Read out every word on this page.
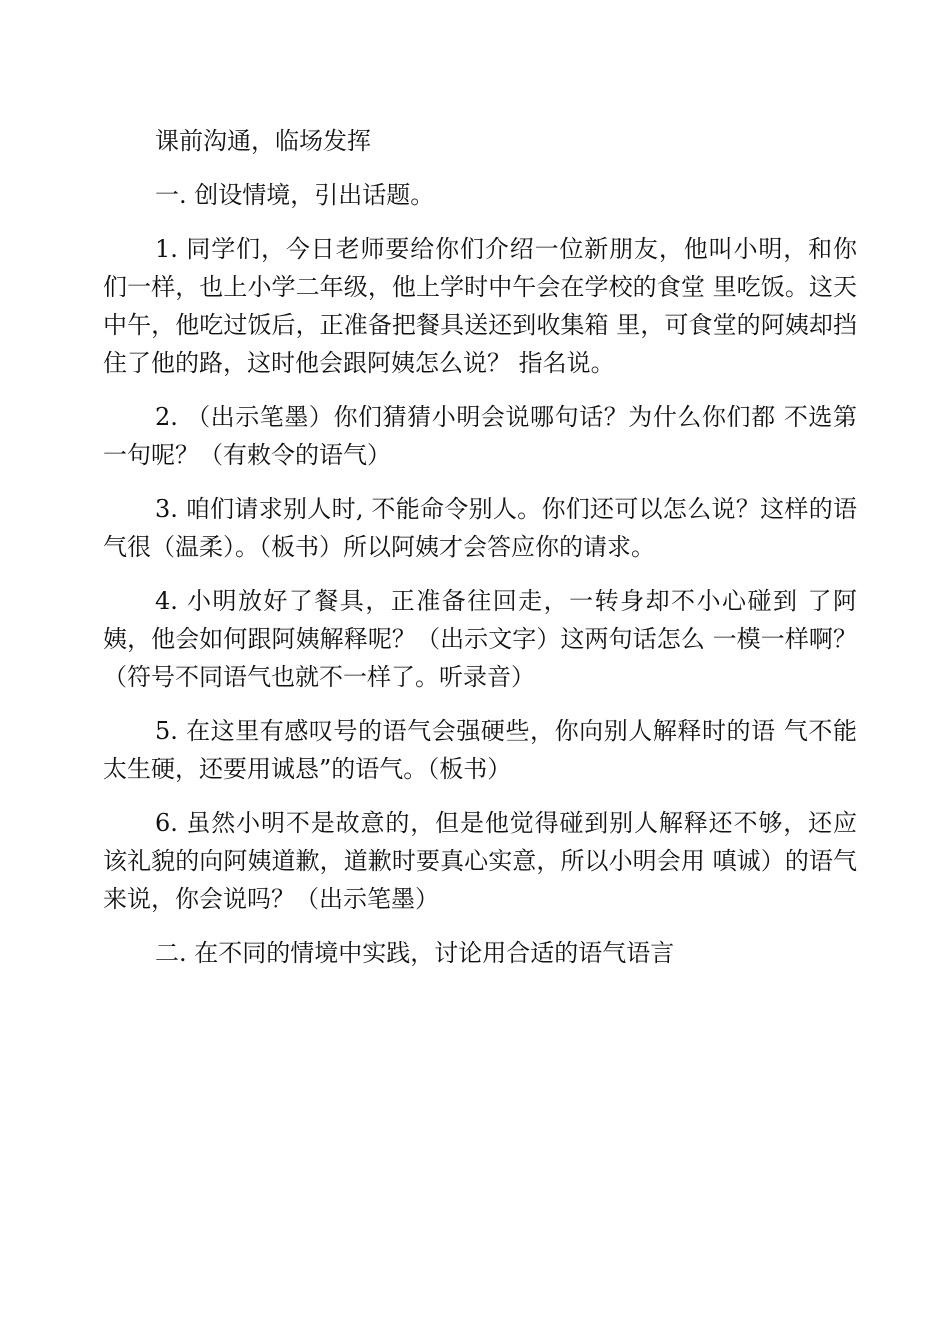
课前沟通，临场发挥

一. 创设情境，引出话题。

1. 同学们，今日老师要给你们介绍一位新朋友，他叫小明，和你们一样，也上小学二年级，他上学时中午会在学校的食堂 里吃饭。这天中午，他吃过饭后，正准备把餐具送还到收集箱 里，可食堂的阿姨却挡住了他的路，这时他会跟阿姨怎么说？ 指名说。

2. （出示笔墨）你们猜猜小明会说哪句话？为什么你们都 不选第一句呢？（有敕令的语气）

3. 咱们请求别人时, 不能命令别人。你们还可以怎么说？这样的语气很（温柔）。（板书）所以阿姨才会答应你的请求。

4. 小明放好了餐具，正准备往回走，一转身却不小心碰到 了阿姨，他会如何跟阿姨解释呢？（出示文字）这两句话怎么 一模一样啊？（符号不同语气也就不一样了。听录音）

5. 在这里有感叹号的语气会强硬些，你向别人解释时的语 气不能太生硬，还要用诚恳”的语气。（板书）

6. 虽然小明不是故意的，但是他觉得碰到别人解释还不够，还应该礼貌的向阿姨道歉，道歉时要真心实意，所以小明会用 嗔诚）的语气来说，你会说吗？（出示笔墨）

二. 在不同的情境中实践，讨论用合适的语气语言
